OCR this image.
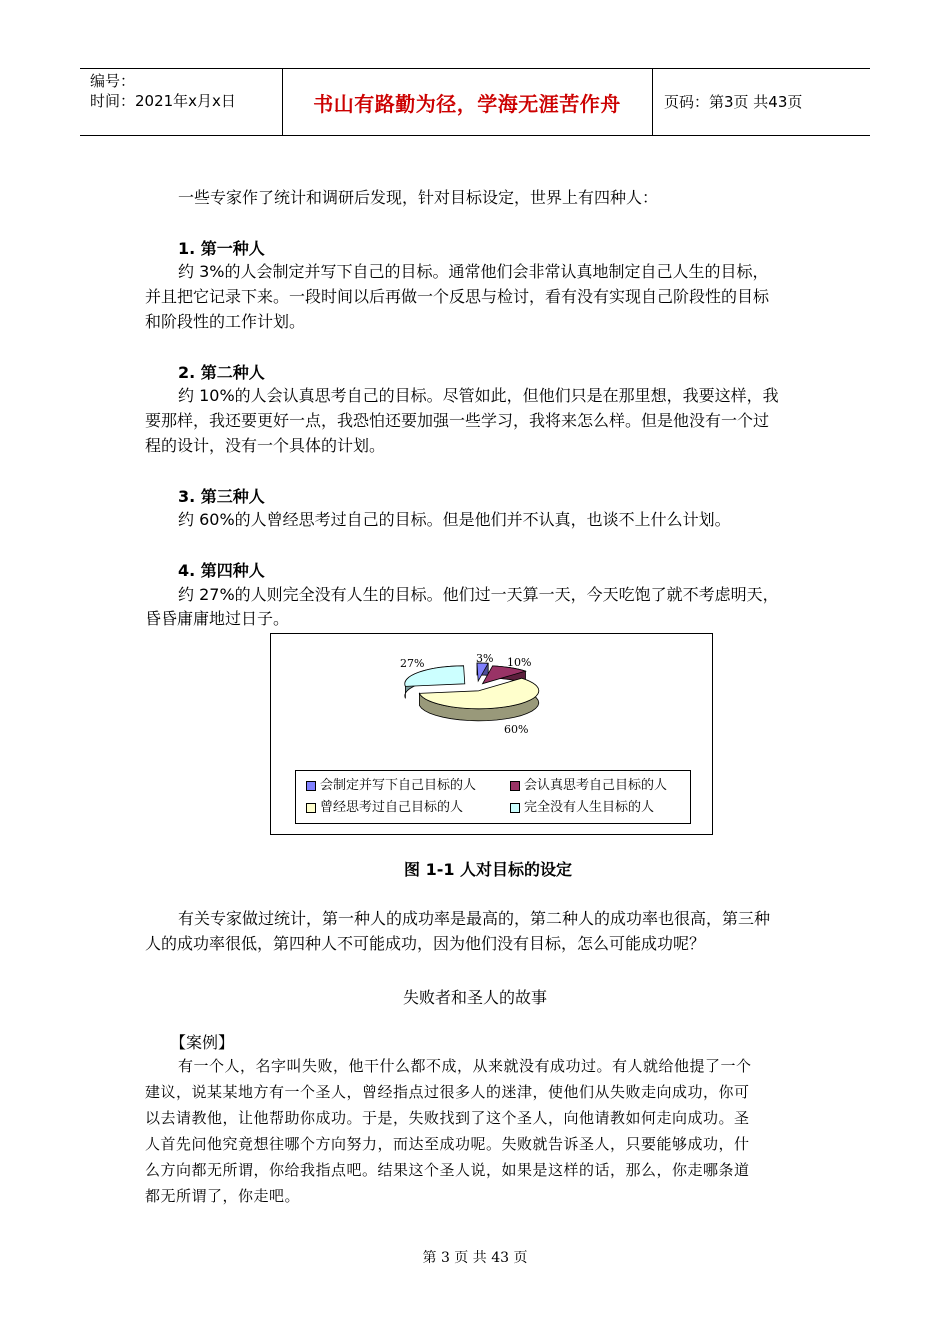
编号：
时间：2021年x月x日	书山有路勤为径，学海无涯苦作舟	页码：第3页 共43页
一些专家作了统计和调研后发现，针对目标设定，世界上有四种人：
1. 第一种人
约 3%的人会制定并写下自己的目标。通常他们会非常认真地制定自己人生的目标，
并且把它记录下来。一段时间以后再做一个反思与检讨，看有没有实现自己阶段性的目标
和阶段性的工作计划。
2. 第二种人
约 10%的人会认真思考自己的目标。尽管如此，但他们只是在那里想，我要这样，我
要那样，我还要更好一点，我恐怕还要加强一些学习，我将来怎么样。但是他没有一个过
程的设计，没有一个具体的计划。
3. 第三种人
约 60%的人曾经思考过自己的目标。但是他们并不认真，也谈不上什么计划。
4. 第四种人
约 27%的人则完全没有人生的目标。他们过一天算一天，今天吃饱了就不考虑明天，
昏昏庸庸地过日子。
27%	3% 10%
60%
会制定并写下自己目标的人	会认真思考自己目标的人
曾经思考过自己目标的人	完全没有人生目标的人
图 1-1 人对目标的设定
有关专家做过统计，第一种人的成功率是最高的，第二种人的成功率也很高，第三种
人的成功率很低，第四种人不可能成功，因为他们没有目标，怎么可能成功呢？
失败者和圣人的故事
【案例】
有一个人，名字叫失败，他干什么都不成，从来就没有成功过。有人就给他提了一个
建议，说某某地方有一个圣人，曾经指点过很多人的迷津，使他们从失败走向成功，你可
以去请教他，让他帮助你成功。于是，失败找到了这个圣人，向他请教如何走向成功。圣
人首先问他究竟想往哪个方向努力，而达至成功呢。失败就告诉圣人，只要能够成功，什
么方向都无所谓，你给我指点吧。结果这个圣人说，如果是这样的话，那么，你走哪条道
都无所谓了，你走吧。
第 3 页 共 43 页
